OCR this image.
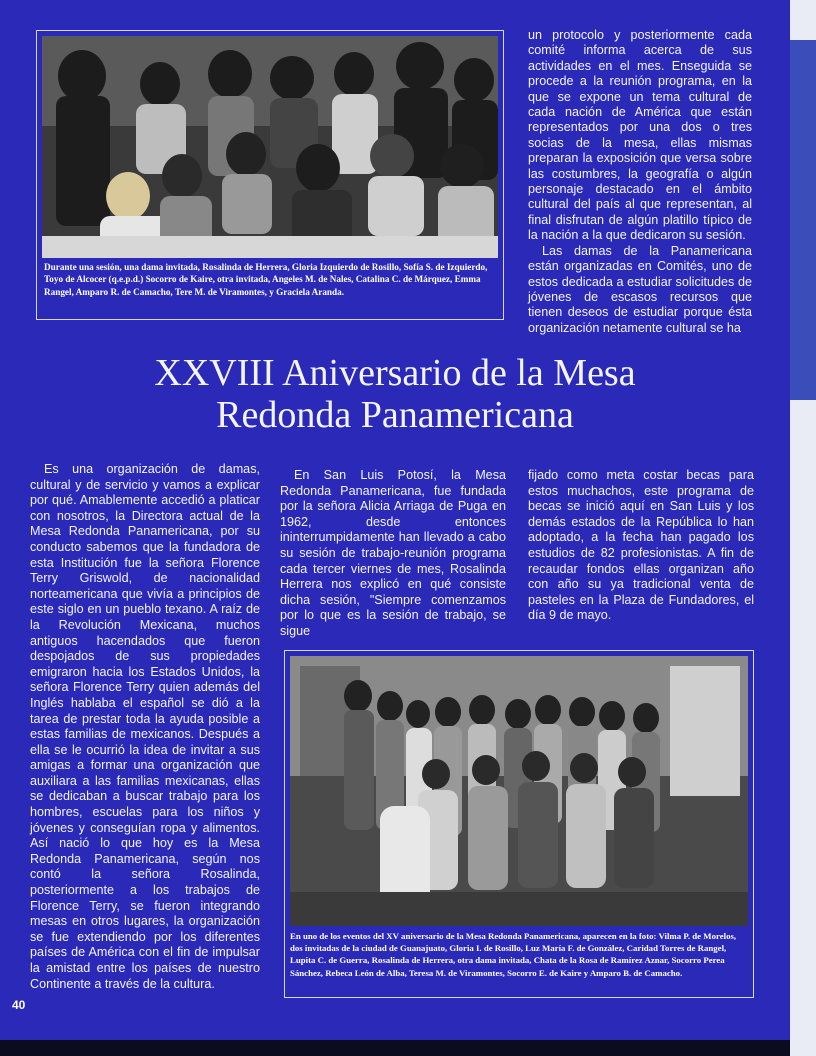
Durante una sesión, una dama invitada, Rosalinda de Herrera, Gloria Izquierdo de Rosillo, Sofía S. de Izquierdo, Toyo de Alcocer (q.e.p.d.) Socorro de Kaire, otra invitada, Angeles M. de Nales, Catalina C. de Márquez, Emma Rangel, Amparo R. de Camacho, Tere M. de Viramontes, y Graciela Aranda.

un protocolo y posteriormente cada comité informa acerca de sus actividades en el mes. Enseguida se procede a la reunión programa, en la que se expone un tema cultural de cada nación de América que están representados por una dos o tres socias de la mesa, ellas mismas preparan la exposición que versa sobre las costumbres, la geografía o algún personaje destacado en el ámbito cultural del país al que representan, al final disfrutan de algún platillo típico de la nación a la que dedicaron su sesión.

Las damas de la Panamericana están organizadas en Comités, uno de estos dedicada a estudiar solicitudes de jóvenes de escasos recursos que tienen deseos de estudiar porque ésta organización netamente cultural se ha

XXVIII Aniversario de la Mesa
Redonda Panamericana

Es una organización de damas, cultural y de servicio y vamos a explicar por qué. Amablemente accedió a platicar con nosotros, la Directora actual de la Mesa Redonda Panamericana, por su conducto sabemos que la fundadora de esta Institución fue la señora Florence Terry Griswold, de nacionalidad norteamericana que vivía a principios de este siglo en un pueblo texano. A raíz de la Revolución Mexicana, muchos antiguos hacendados que fueron despojados de sus propiedades emigraron hacia los Estados Unidos, la señora Florence Terry quien además del Inglés hablaba el español se dió a la tarea de prestar toda la ayuda posible a estas familias de mexicanos. Después a ella se le ocurrió la idea de invitar a sus amigas a formar una organización que auxiliara a las familias mexicanas, ellas se dedicaban a buscar trabajo para los hombres, escuelas para los niños y jóvenes y conseguían ropa y alimentos. Así nació lo que hoy es la Mesa Redonda Panamericana, según nos contó la señora Rosalinda, posteriormente a los trabajos de Florence Terry, se fueron integrando mesas en otros lugares, la organización se fue extendiendo por los diferentes países de América con el fin de impulsar la amistad entre los países de nuestro Continente a través de la cultura.

En San Luis Potosí, la Mesa Redonda Panamericana, fue fundada por la señora Alicia Arriaga de Puga en 1962, desde entonces ininterrumpidamente han llevado a cabo su sesión de trabajo-reunión programa cada tercer viernes de mes, Rosalinda Herrera nos explicó en qué consiste dicha sesión, "Siempre comenzamos por lo que es la sesión de trabajo, se sigue

fijado como meta costar becas para estos muchachos, este programa de becas se inició aquí en San Luis y los demás estados de la República lo han adoptado, a la fecha han pagado los estudios de 82 profesionistas. A fin de recaudar fondos ellas organizan año con año su ya tradicional venta de pasteles en la Plaza de Fundadores, el día 9 de mayo.

En uno de los eventos del XV aniversario de la Mesa Redonda Panamericana, aparecen en la foto: Vilma P. de Morelos, dos invitadas de la ciudad de Guanajuato, Gloria I. de Rosillo, Luz María F. de González, Caridad Torres de Rangel, Lupita C. de Guerra, Rosalinda de Herrera, otra dama invitada, Chata de la Rosa de Ramírez Aznar, Socorro Perea Sánchez, Rebeca León de Alba, Teresa M. de Viramontes, Socorro E. de Kaire y Amparo B. de Camacho.
40
